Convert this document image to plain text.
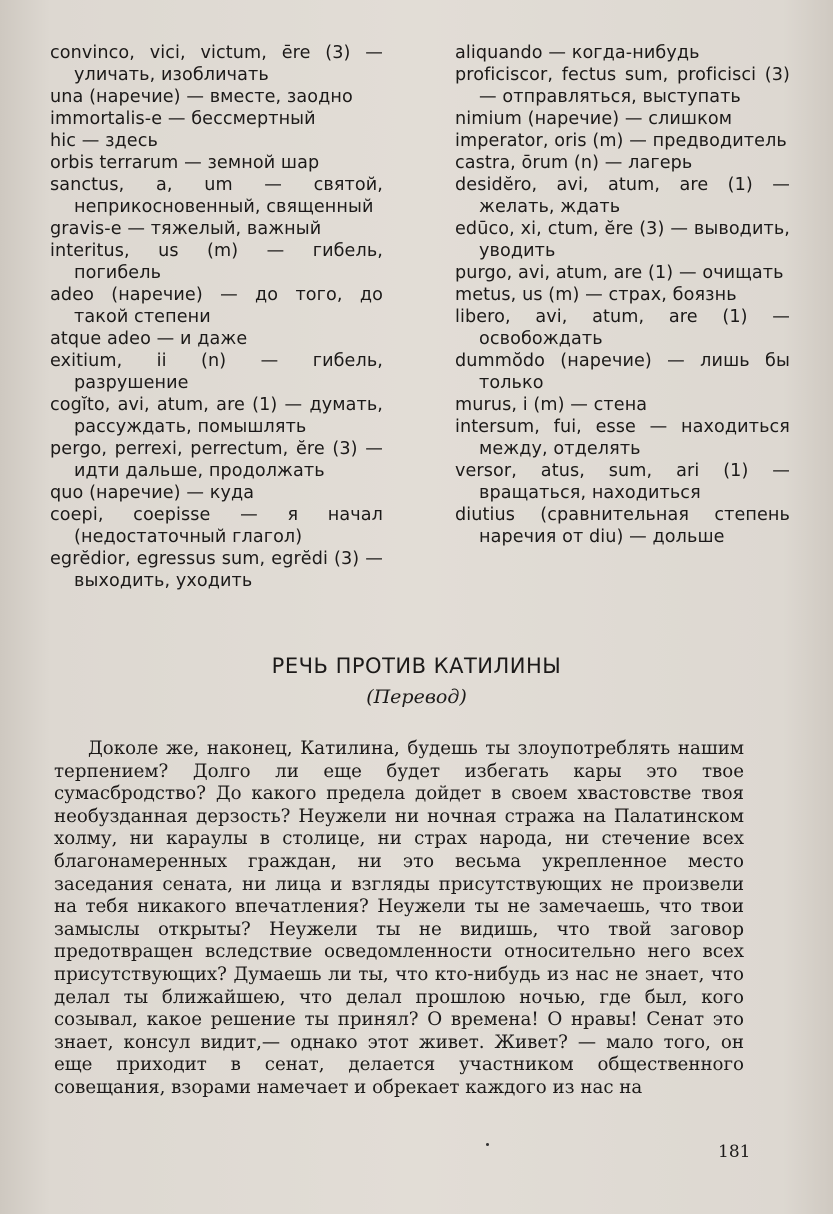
convinco, vici, victum, ēre (3) — уличать, изобличать
una (наречие) — вместе, заодно
immortalis-e — бессмертный
hic — здесь
orbis terrarum — земной шар
sanctus, a, um — святой, неприкосновенный, священный
gravis-e — тяжелый, важный
interitus, us (m) — гибель, погибель
adeo (наречие) — до того, до такой степени
atque adeo — и даже
exitium, ii (n) — гибель, разрушение
cogĭto, avi, atum, are (1) — думать, рассуждать, помышлять
pergo, perrexi, perrectum, ĕre (3) — идти дальше, продолжать
quo (наречие) — куда
coepi, coepisse — я начал (недостаточный глагол)
egrĕdior, egressus sum, egrĕdi (3) — выходить, уходить
aliquando — когда-нибудь
proficiscor, fectus sum, proficisci (3) — отправляться, выступать
nimium (наречие) — слишком
imperator, oris (m) — предводитель
castra, ōrum (n) — лагерь
desidĕro, avi, atum, are (1) — желать, ждать
edūco, xi, ctum, ĕre (3) — выводить, уводить
purgo, avi, atum, are (1) — очищать
metus, us (m) — страх, боязнь
libero, avi, atum, are (1) — освобождать
dummŏdo (наречие) — лишь бы только
murus, i (m) — стена
intersum, fui, esse — находиться между, отделять
versor, atus, sum, ari (1) — вращаться, находиться
diutius (сравнительная степень наречия от diu) — дольше
РЕЧЬ ПРОТИВ КАТИЛИНЫ
(Перевод)

Доколе же, наконец, Катилина, будешь ты злоупотреблять нашим терпением? Долго ли еще будет избегать кары это твое сумасбродство? До какого предела дойдет в своем хвастовстве твоя необузданная дерзость? Неужели ни ночная стража на Палатинском холму, ни караулы в столице, ни страх народа, ни стечение всех благонамеренных граждан, ни это весьма укрепленное место заседания сената, ни лица и взгляды присутствующих не произвели на тебя никакого впечатления? Неужели ты не замечаешь, что твои замыслы открыты? Неужели ты не видишь, что твой заговор предотвращен вследствие осведомленности относительно него всех присутствующих? Думаешь ли ты, что кто-нибудь из нас не знает, что делал ты ближайшею, что делал прошлою ночью, где был, кого созывал, какое решение ты принял? О времена! О нравы! Сенат это знает, консул видит,— однако этот живет. Живет? — мало того, он еще приходит в сенат, делается участником общественного совещания, взорами намечает и обрекает каждого из нас на

181
